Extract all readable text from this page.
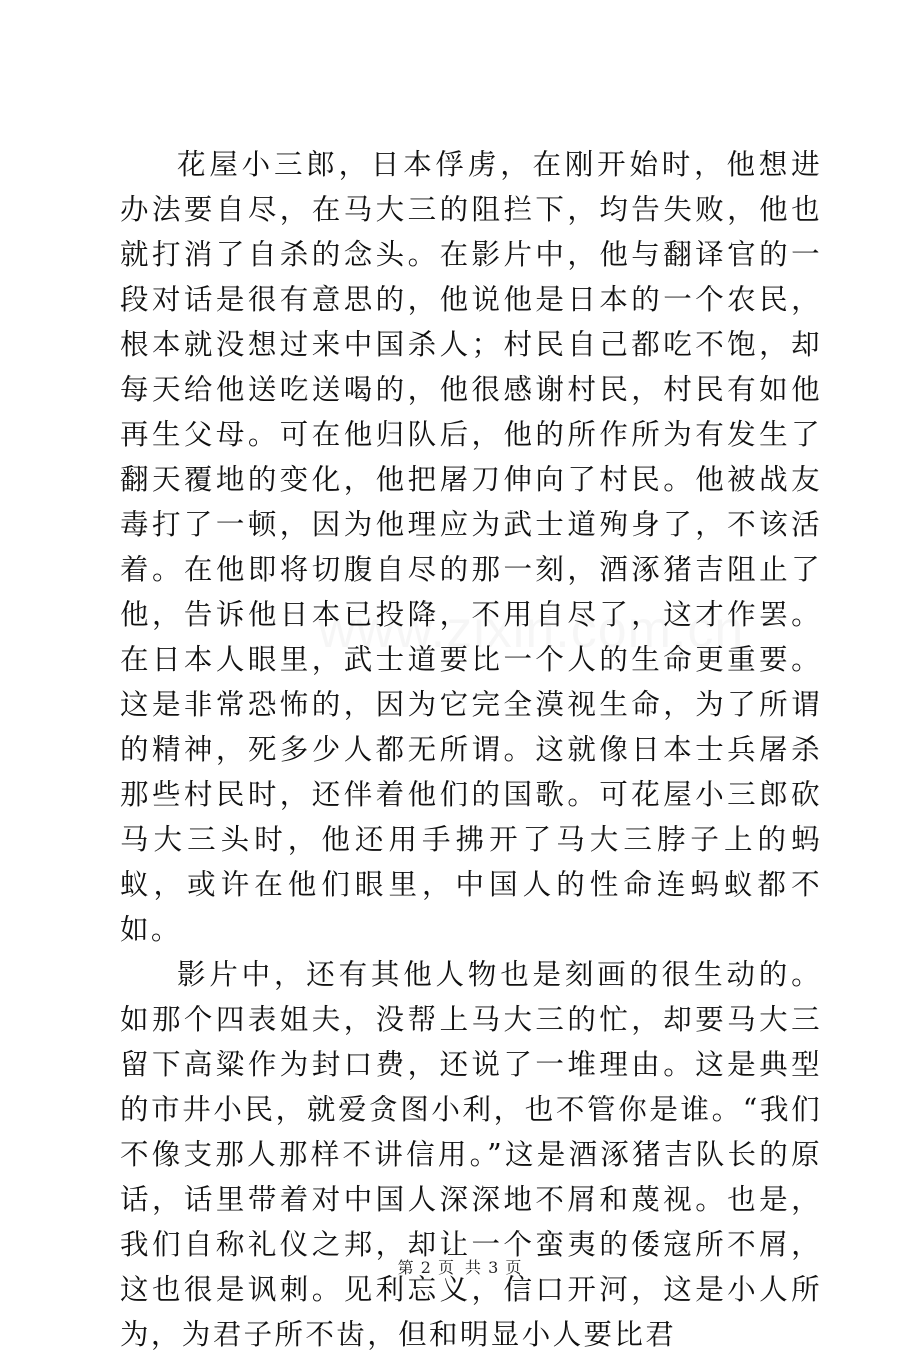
花屋小三郎，日本俘虏，在刚开始时，他想进办法要自尽，在马大三的阻拦下，均告失败，他也就打消了自杀的念头。在影片中，他与翻译官的一段对话是很有意思的，他说他是日本的一个农民，根本就没想过来中国杀人；村民自己都吃不饱，却每天给他送吃送喝的，他很感谢村民，村民有如他再生父母。可在他归队后，他的所作所为有发生了翻天覆地的变化，他把屠刀伸向了村民。他被战友毒打了一顿，因为他理应为武士道殉身了，不该活着。在他即将切腹自尽的那一刻，酒涿猪吉阻止了他，告诉他日本已投降，不用自尽了，这才作罢。在日本人眼里，武士道要比一个人的生命更重要。这是非常恐怖的，因为它完全漠视生命，为了所谓的精神，死多少人都无所谓。这就像日本士兵屠杀那些村民时，还伴着他们的国歌。可花屋小三郎砍马大三头时，他还用手拂开了马大三脖子上的蚂蚁，或许在他们眼里，中国人的性命连蚂蚁都不如。

影片中，还有其他人物也是刻画的很生动的。如那个四表姐夫，没帮上马大三的忙，却要马大三留下高粱作为封口费，还说了一堆理由。这是典型的市井小民，就爱贪图小利，也不管你是谁。“我们不像支那人那样不讲信用。”这是酒涿猪吉队长的原话，话里带着对中国人深深地不屑和蔑视。也是，我们自称礼仪之邦，却让一个蛮夷的倭寇所不屑，这也很是讽刺。见利忘义，信口开河，这是小人所为，为君子所不齿，但和明显小人要比君

第 2 页 共 3 页
